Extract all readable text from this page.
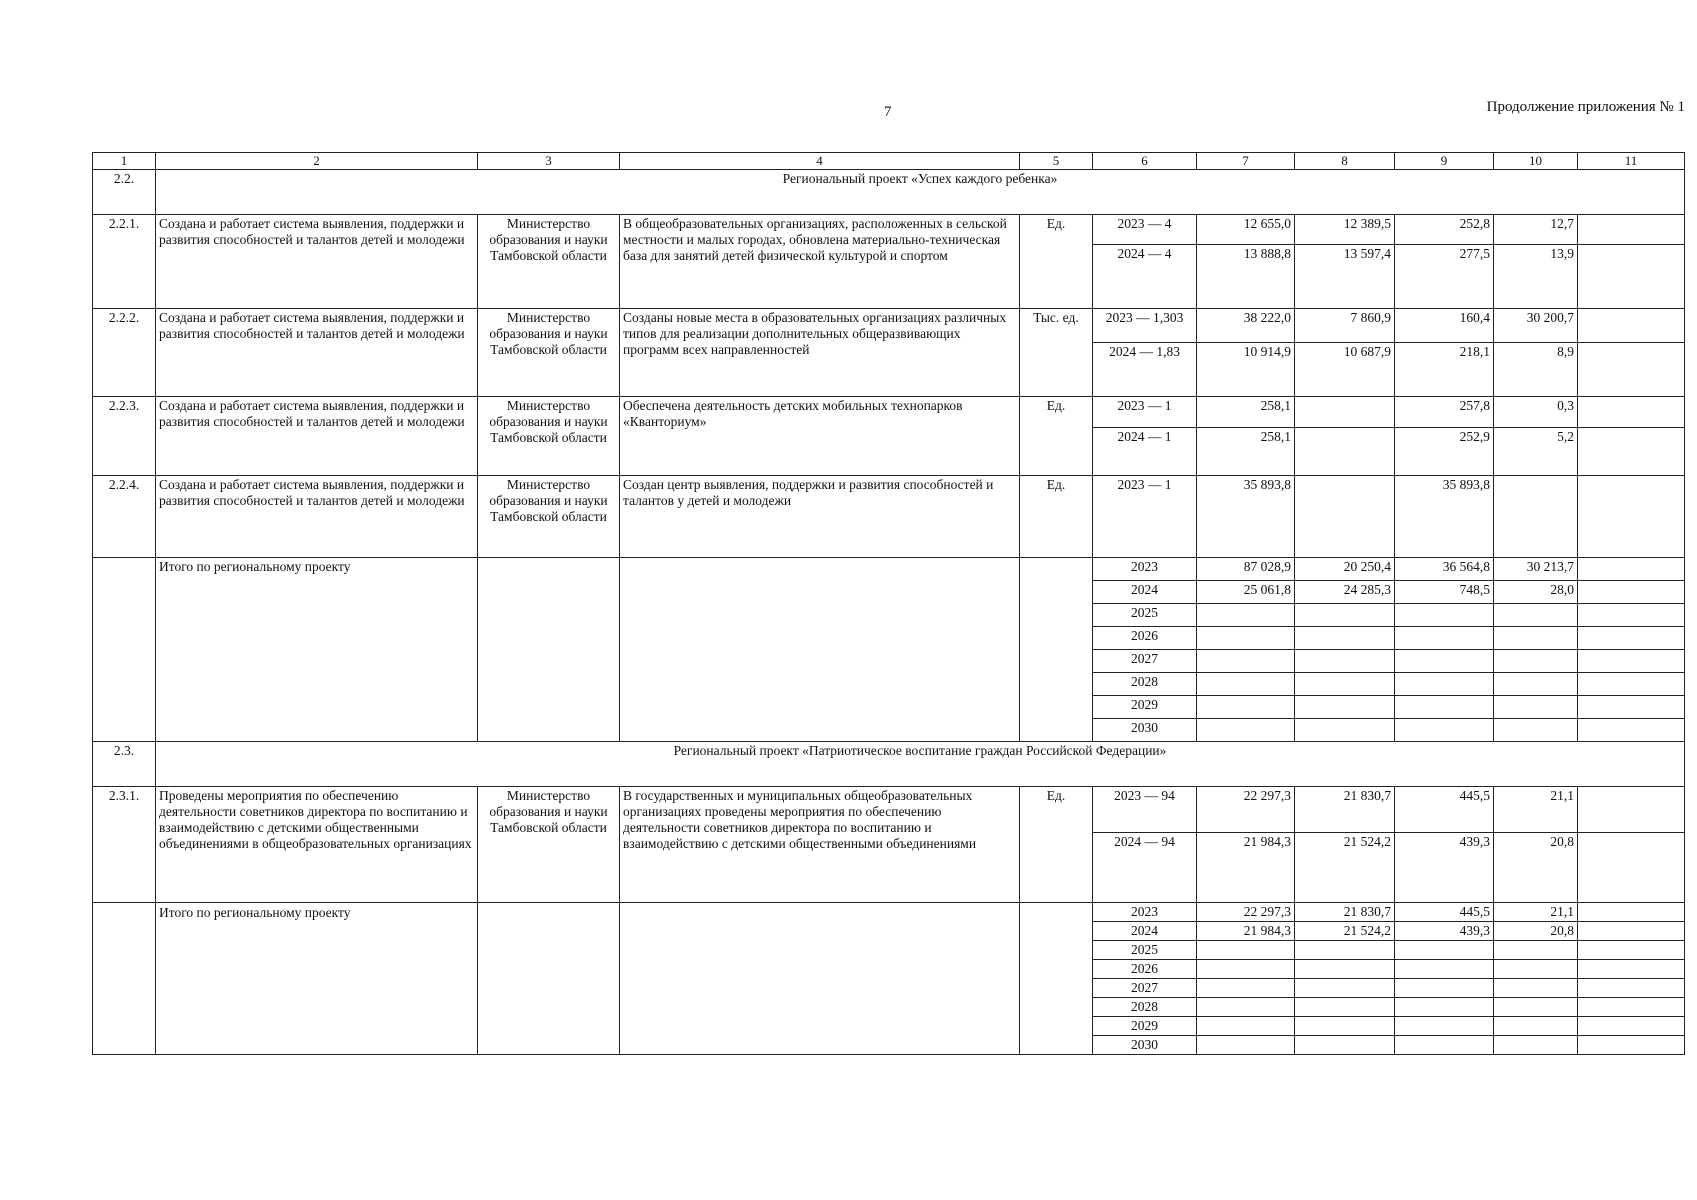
7	Продолжение приложения № 1
1	2	3	4	5	6	7	8	9	10	11
2.2.	Региональный проект «Успех каждого ребенка»									
2.2.1.	Создана и работает система выявления, поддержки и развития способностей и талантов детей и молодежи	Министерство образования и науки Тамбовской области	В общеобразовательных организациях, расположенных в сельской местности и малых городах, обновлена материально-техническая база для занятий детей физической культурой и спортом	Ед.	2023 — 4	12 655,0	12 389,5	252,8	12,7	
					2024 — 4	13 888,8	13 597,4	277,5	13,9	
2.2.2.	Создана и работает система выявления, поддержки и развития способностей и талантов детей и молодежи	Министерство образования и науки Тамбовской области	Созданы новые места в образовательных организациях различных типов для реализации дополнительных общеразвивающих программ всех направленностей	Тыс. ед.	2023 — 1,303	38 222,0	7 860,9	160,4	30 200,7	
					2024 — 1,83	10 914,9	10 687,9	218,1	8,9	
2.2.3.	Создана и работает система выявления, поддержки и развития способностей и талантов детей и молодежи	Министерство образования и науки Тамбовской области	Обеспечена деятельность детских мобильных технопарков «Кванториум»	Ед.	2023 — 1	258,1		257,8	0,3	
					2024 — 1	258,1		252,9	5,2	
2.2.4.	Создана и работает система выявления, поддержки и развития способностей и талантов детей и молодежи	Министерство образования и науки Тамбовской области	Создан центр выявления, поддержки и развития способностей и талантов у детей и молодежи	Ед.	2023 — 1	35 893,8		35 893,8		
	Итого по региональному проекту				2023	87 028,9	20 250,4	36 564,8	30 213,7	
					2024	25 061,8	24 285,3	748,5	28,0	
					2025					
					2026					
					2027					
					2028					
					2029					
					2030					
2.3.	Региональный проект «Патриотическое воспитание граждан Российской Федерации»									
2.3.1.	Проведены мероприятия по обеспечению деятельности советников директора по воспитанию и взаимодействию с детскими общественными объединениями в общеобразовательных организациях	Министерство образования и науки Тамбовской области	В государственных и муниципальных общеобразовательных организациях проведены мероприятия по обеспечению деятельности советников директора по воспитанию и взаимодействию с детскими общественными объединениями	Ед.	2023 — 94	22 297,3	21 830,7	445,5	21,1	
					2024 — 94	21 984,3	21 524,2	439,3	20,8	
	Итого по региональному проекту				2023	22 297,3	21 830,7	445,5	21,1	
					2024	21 984,3	21 524,2	439,3	20,8	
					2025					
					2026					
					2027					
					2028					
					2029					
					2030					
